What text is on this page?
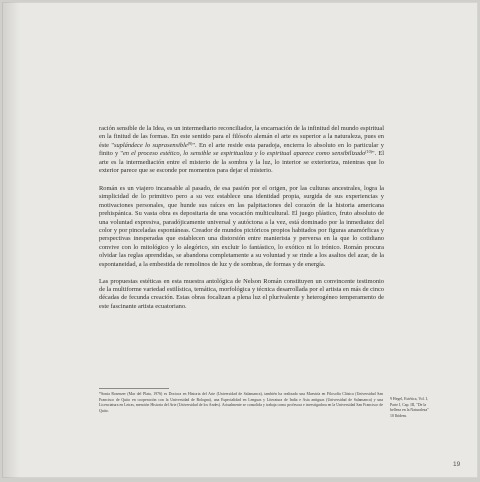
ración sensible de la Idea, es un intermediario reconciliador, la encarnación de la infinitud del mundo espiritual en la finitud de las formas. En este sentido para el filósofo alemán el arte es superior a la naturaleza, pues en éste "suplándece lo suprasensible$^{(9)}$". En el arte reside esta paradoja, encierra lo absoluto en lo particular y finito y "en el proceso estético, lo sensible se espiritualiza y lo espiritual aparece como sensibilizado$^{(10)}$". El arte es la intermediación entre el misterio de la sombra y la luz, lo interior se exterioriza, mientras que lo exterior parece que se esconde por momentos para dejar el misterio.

Román es un viajero incansable al pasado, de esa pasión por el origen, por las culturas ancestrales, logra la simplicidad de lo primitivo pero a su vez establece una identidad propia, surgida de sus experiencias y motivaciones personales, que hunde sus raíces en las palpitaciones del corazón de la historia americana prehispánica. Su vasta obra es depositaria de una vocación multicultural. El juego plástico, fruto absoluto de una voluntad expresiva, paradójicamente universal y autóctona a la vez, está dominado por la inmediatez del color y por pinceladas espontáneas. Creador de mundos pictóricos propios habitados por figuras anamórficas y perspectivas inesperadas que establecen una distorsión entre manierista y perversa en la que lo cotidiano convive con lo mitológico y lo alegórico, sin excluir lo fantástico, lo exótico ni lo irónico. Román procura olvidar las reglas aprendidas, se abandona completamente a su voluntad y se rinde a los asaltos del azar, de la espontaneidad, a la embestida de remolinos de luz y de sombras, de formas y de energía.

Las propuestas estéticas en esta muestra antológica de Nelson Román constituyen un convincente testimonio de la multiforme variedad estilística, temática, morfológica y técnica desarrollada por el artista en más de cinco décadas de fecunda creación. Estas obras focalizan a plena luz el plurivalente y heterogéneo temperamento de este fascinante artista ecuatoriano.

*Sonia Rosenzer (Mar del Plata, 1976) es Doctora en Historia del Arte (Universidad de Salamanca), también ha realizado una Maestría en Filosofía Clásica (Universidad San Francisco de Quito en cooperación con la Universidad de Bologna), una Especialidad en Lenguas y Literatura de India e Asia antiguas (Universidad de Salamanca) y una Licenciatura en Letras, mención Historia del Arte (Universidad de los Andes). Actualmente se consolida y trabaja como profesora e investigadora en la Universidad San Francisco de Quito.
9 Hegel, Estética, Vol. I, Parte I, Cap. III, "De la belleza en la Naturaleza" 10 Ibídem.
19
